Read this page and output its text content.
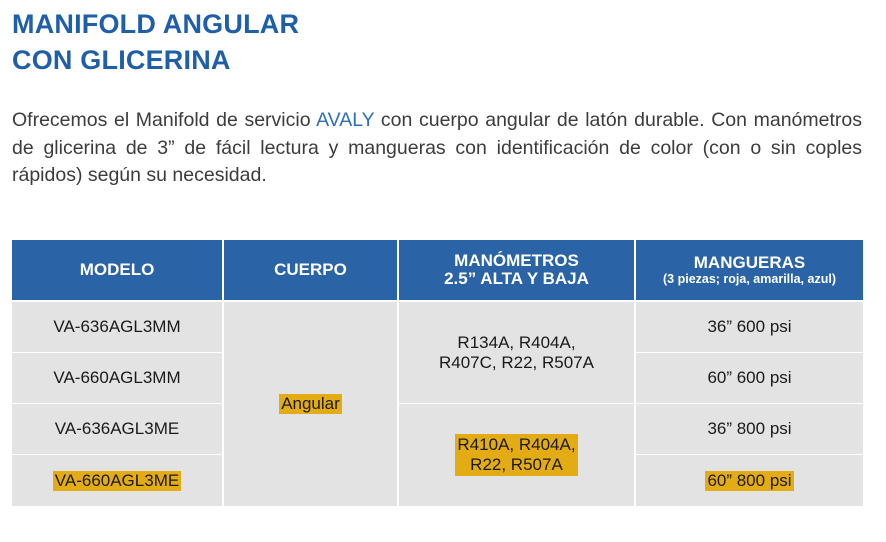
MANIFOLD ANGULAR
CON GLICERINA

Ofrecemos el Manifold de servicio AVALY con cuerpo angular de latón durable. Con manómetros de glicerina de 3” de fácil lectura y mangueras con identificación de color (con o sin coples rápidos) según su necesidad.

MODELO	CUERPO	MANÓMETROS
2.5” ALTA Y BAJA
MANGUERAS
(3 piezas; roja, amarilla, azul)
VA-636AGL3MM
VA-660AGL3MM
VA-636AGL3ME
VA-660AGL3ME
Angular
R134A, R404A,
R407C, R22, R507A
R410A, R404A,
R22, R507A
36” 600 psi
60” 600 psi
36” 800 psi
60” 800 psi
